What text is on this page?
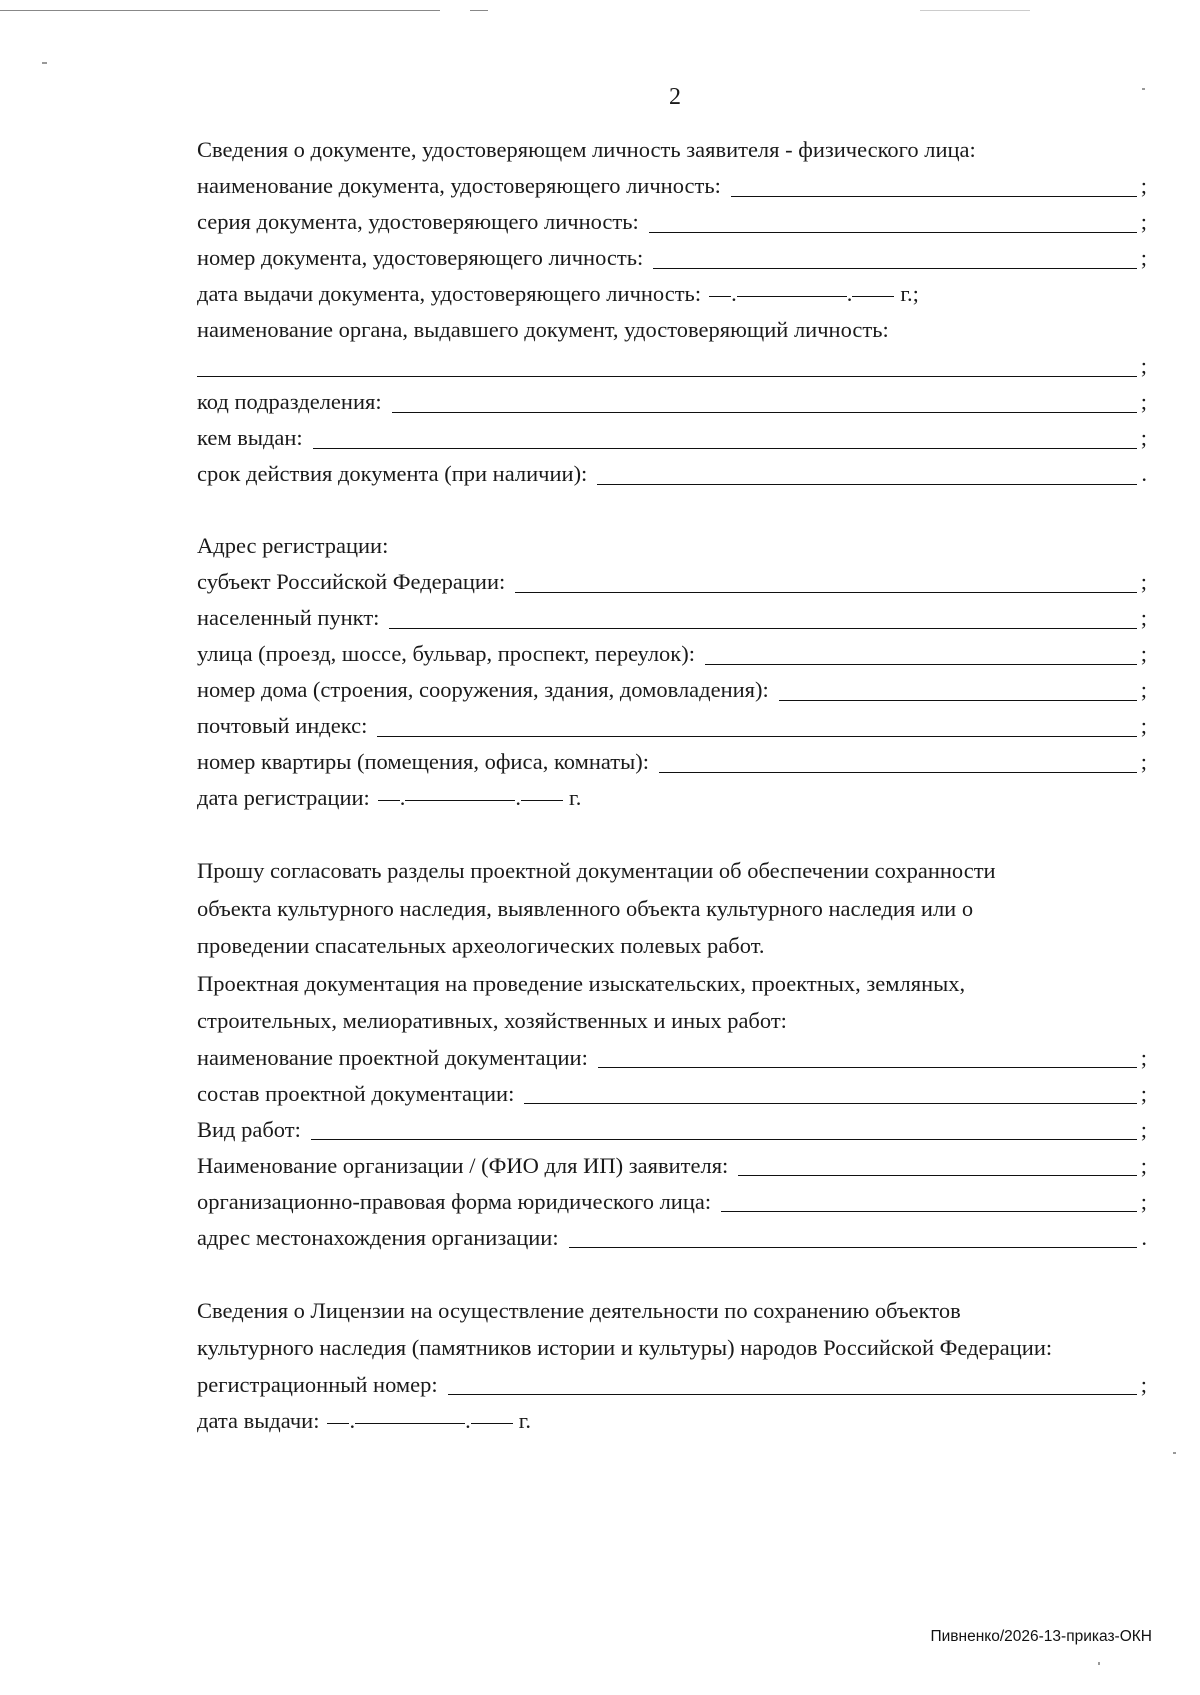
2
Сведения о документе, удостоверяющем личность заявителя - физического лица:
наименование документа, удостоверяющего личность:	;
серия документа, удостоверяющего личность:	;
номер документа, удостоверяющего личность:	;
дата выдачи документа, удостоверяющего личность: .	. г.;
наименование органа, выдавшего документ, удостоверяющий личность:
;
код подразделения:	;
кем выдан:	;
срок действия документа (при наличии):	.
Адрес регистрации:
субъект Российской Федерации:	;
населенный пункт:	;
улица (проезд, шоссе, бульвар, проспект, переулок):	;
номер дома (строения, сооружения, здания, домовладения):	;
почтовый индекс:	;
номер квартиры (помещения, офиса, комнаты):	;
дата регистрации: .	. г.
Прошу согласовать разделы проектной документации об обеспечении сохранности
объекта культурного наследия, выявленного объекта культурного наследия или о
проведении спасательных археологических полевых работ.
Проектная документация на проведение изыскательских, проектных, земляных,
строительных, мелиоративных, хозяйственных и иных работ:
наименование проектной документации:	;
состав проектной документации:	;
Вид работ:	;
Наименование организации / (ФИО для ИП) заявителя:	;
организационно-правовая форма юридического лица:	;
адрес местонахождения организации:	.
Сведения о Лицензии на осуществление деятельности по сохранению объектов
культурного наследия (памятников истории и культуры) народов Российской Федерации:
регистрационный номер:	;
дата выдачи: .	. г.
Пивненко/2026-13-приказ-ОКН
